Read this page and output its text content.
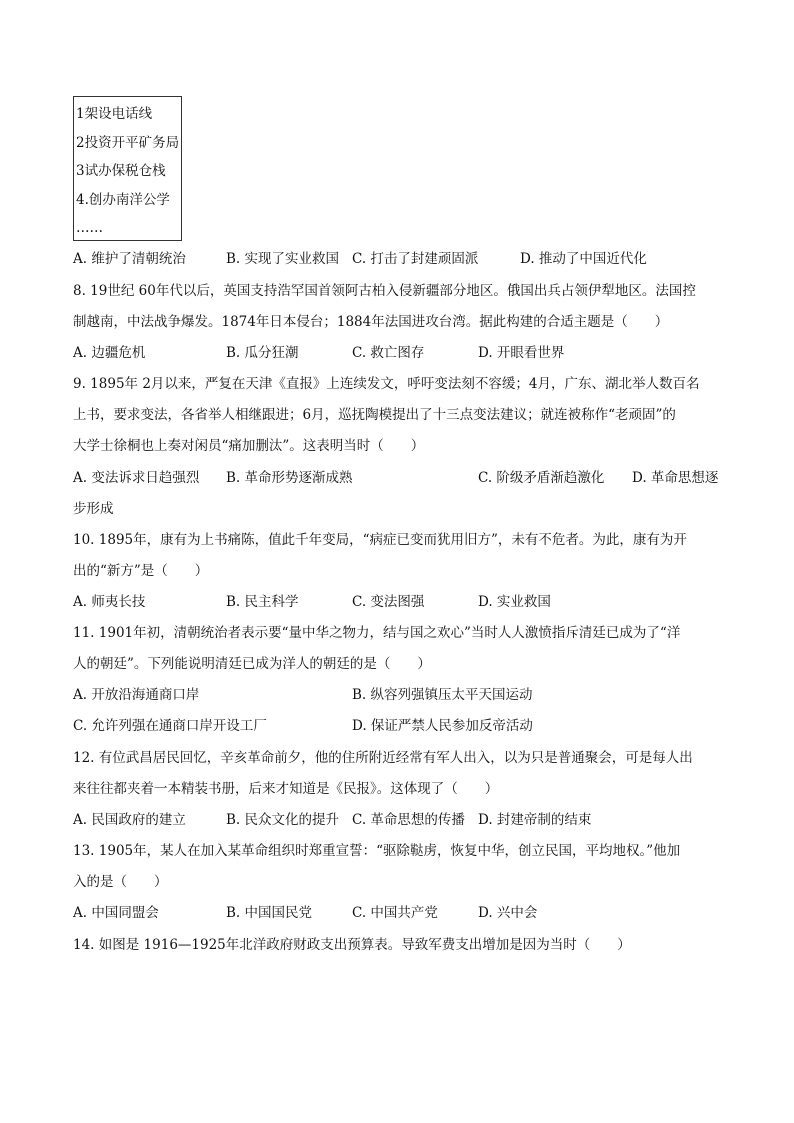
1架设电话线
2投资开平矿务局
3试办保税仓栈
4.创办南洋公学
……
A. 维护了清朝统治	B. 实现了实业救国 C. 打击了封建顽固派	D. 推动了中国近代化
8. 19世纪 60年代以后，英国支持浩罕国首领阿古柏入侵新疆部分地区。俄国出兵占领伊犁地区。法国控
制越南，中法战争爆发。1874年日本侵台；1884年法国进攻台湾。据此构建的合适主题是（　　）
A. 边疆危机	B. 瓜分狂潮	C. 救亡图存	D. 开眼看世界
9. 1895年 2月以来，严复在天津《直报》上连续发文，呼吁变法刻不容缓；4月，广东、湖北举人数百名
上书，要求变法，各省举人相继跟进；6月，巡抚陶模提出了十三点变法建议；就连被称作“老顽固”的
大学士徐桐也上奏对闲员“痛加删汰”。这表明当时（　　）
A. 变法诉求日趋强烈 B. 革命形势逐渐成熟	C. 阶级矛盾渐趋激化 D. 革命思想逐
步形成
10. 1895年，康有为上书痛陈，值此千年变局，“病症已变而犹用旧方”，未有不危者。为此，康有为开
出的“新方”是（　　）
A. 师夷长技	B. 民主科学	C. 变法图强	D. 实业救国
11. 1901年初，清朝统治者表示要“量中华之物力，结与国之欢心”当时人人激愤指斥清廷已成为了“洋
人的朝廷”。下列能说明清廷已成为洋人的朝廷的是（　　）
A. 开放沿海通商口岸	B. 纵容列强镇压太平天国运动
C. 允许列强在通商口岸开设工厂	D. 保证严禁人民参加反帝活动
12. 有位武昌居民回忆，辛亥革命前夕，他的住所附近经常有军人出入，以为只是普通聚会，可是每人出
来往往都夹着一本精装书册，后来才知道是《民报》。这体现了（　　）
A. 民国政府的建立	B. 民众文化的提升 C. 革命思想的传播 D. 封建帝制的结束
13. 1905年，某人在加入某革命组织时郑重宣誓：“驱除鞑虏，恢复中华，创立民国，平均地权。”他加
入的是（　　）
A. 中国同盟会	B. 中国国民党	C. 中国共产党	D. 兴中会
14. 如图是 1916—1925年北洋政府财政支出预算表。导致军费支出增加是因为当时（　　）
